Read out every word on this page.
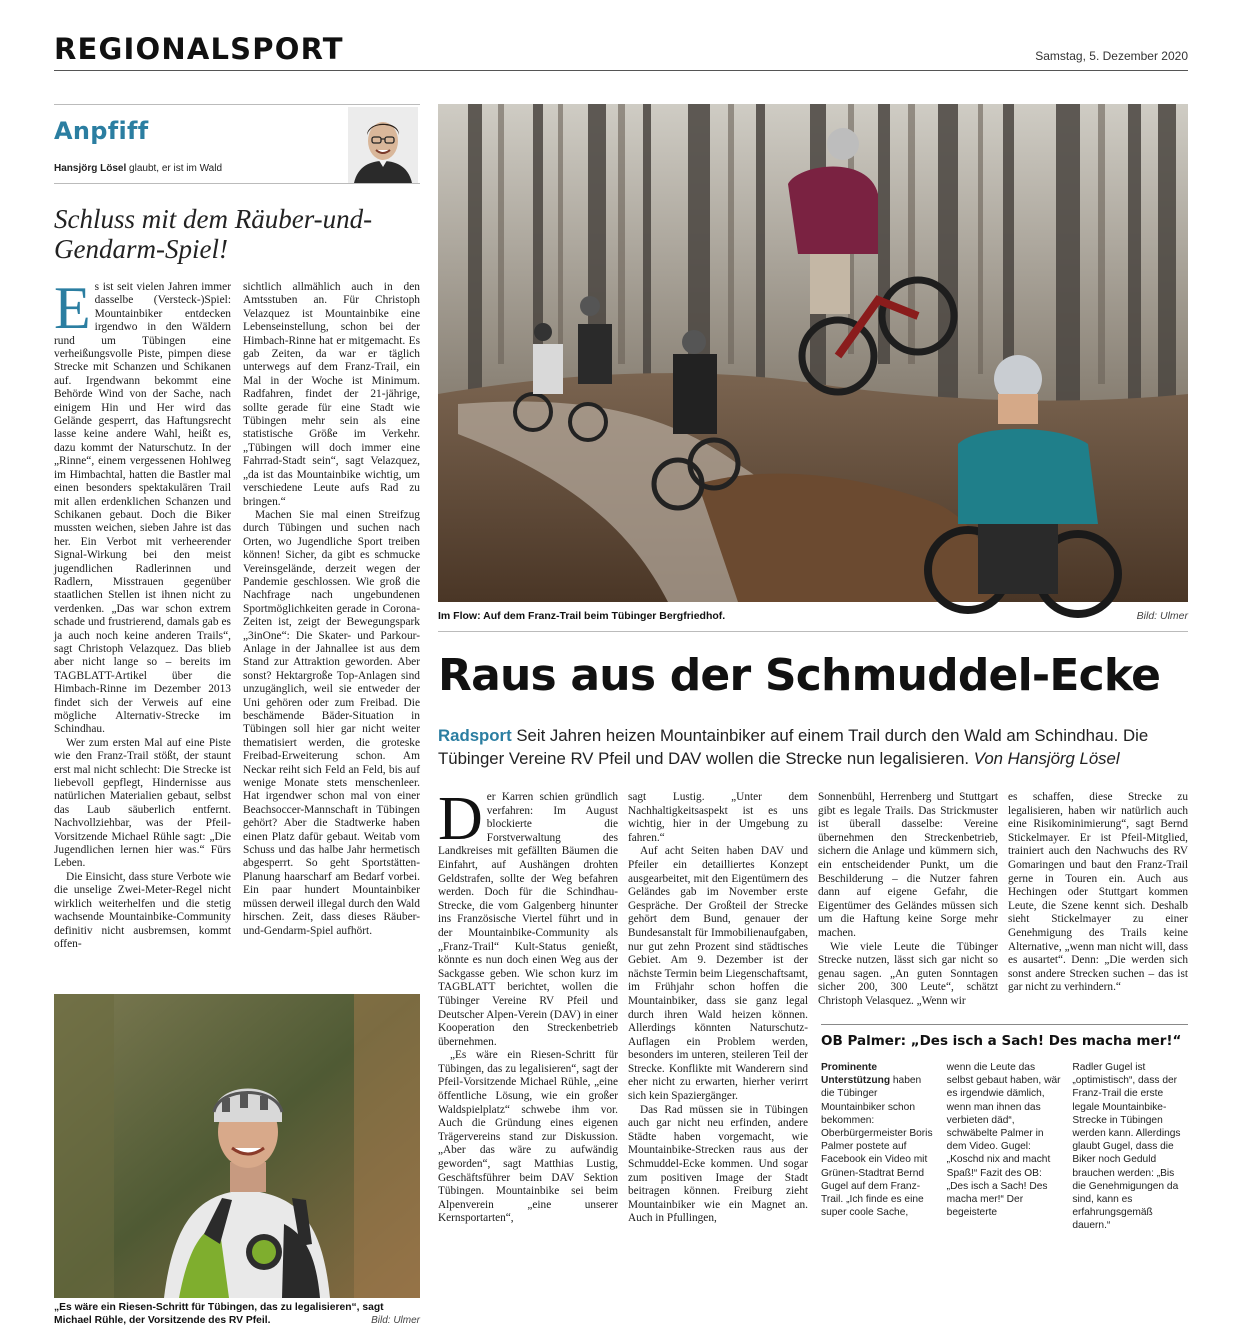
REGIONALSPORT	Samstag, 5. Dezember 2020
Anpfiff
Hansjörg Lösel glaubt, er ist im Wald
Schluss mit dem Räuber-und-Gendarm-Spiel!

Es ist seit vielen Jahren immer dasselbe (Versteck-)Spiel: Mountainbiker entdecken irgendwo in den Wäldern rund um Tübingen eine verheißungsvolle Piste, pimpen diese Strecke mit Schanzen und Schikanen auf. Irgendwann bekommt eine Behörde Wind von der Sache, nach einigem Hin und Her wird das Gelände gesperrt, das Haftungsrecht lasse keine andere Wahl, heißt es, dazu kommt der Naturschutz. In der „Rinne“, einem vergessenen Hohlweg im Himbachtal, hatten die Bastler mal einen besonders spektakulären Trail mit allen erdenklichen Schanzen und Schikanen gebaut. Doch die Biker mussten weichen, sieben Jahre ist das her. Ein Verbot mit verheerender Signal-Wirkung bei den meist jugendlichen Radlerinnen und Radlern, Misstrauen gegenüber staatlichen Stellen ist ihnen nicht zu verdenken. „Das war schon extrem schade und frustrierend, damals gab es ja auch noch keine anderen Trails“, sagt Christoph Velazquez. Das blieb aber nicht lange so – bereits im TAGBLATT-Artikel über die Himbach-Rinne im Dezember 2013 findet sich der Verweis auf eine mögliche Alternativ-Strecke im Schindhau.

Wer zum ersten Mal auf eine Piste wie den Franz-Trail stößt, der staunt erst mal nicht schlecht: Die Strecke ist liebevoll gepflegt, Hindernisse aus natürlichen Materialien gebaut, selbst das Laub säuberlich entfernt. Nachvollziehbar, was der Pfeil-Vorsitzende Michael Rühle sagt: „Die Jugendlichen lernen hier was.“ Fürs Leben.

Die Einsicht, dass sture Verbote wie die unselige Zwei-Meter-Regel nicht wirklich weiterhelfen und die stetig wachsende Mountainbike-Community definitiv nicht ausbremsen, kommt offen-

sichtlich allmählich auch in den Amtsstuben an. Für Christoph Velazquez ist Mountainbike eine Lebenseinstellung, schon bei der Himbach-Rinne hat er mitgemacht. Es gab Zeiten, da war er täglich unterwegs auf dem Franz-Trail, ein Mal in der Woche ist Minimum. Radfahren, findet der 21-jährige, sollte gerade für eine Stadt wie Tübingen mehr sein als eine statistische Größe im Verkehr. „Tübingen will doch immer eine Fahrrad-Stadt sein“, sagt Velazquez, „da ist das Mountainbike wichtig, um verschiedene Leute aufs Rad zu bringen.“

Machen Sie mal einen Streifzug durch Tübingen und suchen nach Orten, wo Jugendliche Sport treiben können! Sicher, da gibt es schmucke Vereinsgelände, derzeit wegen der Pandemie geschlossen. Wie groß die Nachfrage nach ungebundenen Sportmöglichkeiten gerade in Corona-Zeiten ist, zeigt der Bewegungspark „3inOne“: Die Skater- und Parkour-Anlage in der Jahnallee ist aus dem Stand zur Attraktion geworden. Aber sonst? Hektargroße Top-Anlagen sind unzugänglich, weil sie entweder der Uni gehören oder zum Freibad. Die beschämende Bäder-Situation in Tübingen soll hier gar nicht weiter thematisiert werden, die groteske Freibad-Erweiterung schon. Am Neckar reiht sich Feld an Feld, bis auf wenige Monate stets menschenleer. Hat irgendwer schon mal von einer Beachsoccer-Mannschaft in Tübingen gehört? Aber die Stadtwerke haben einen Platz dafür gebaut. Weitab vom Schuss und das halbe Jahr hermetisch abgesperrt. So geht Sportstätten-Planung haarscharf am Bedarf vorbei. Ein paar hundert Mountainbiker müssen derweil illegal durch den Wald hirschen. Zeit, dass dieses Räuber-und-Gendarm-Spiel aufhört.

„Es wäre ein Riesen-Schritt für Tübingen, das zu legalisieren“, sagt Michael Rühle, der Vorsitzende des RV Pfeil.	Bild: Ulmer
Im Flow: Auf dem Franz-Trail beim Tübinger Bergfriedhof.	Bild: Ulmer
Raus aus der Schmuddel-Ecke
Radsport Seit Jahren heizen Mountainbiker auf einem Trail durch den Wald am Schindhau. Die Tübinger Vereine RV Pfeil und DAV wollen die Strecke nun legalisieren. Von Hansjörg Lösel

Der Karren schien gründlich verfahren: Im August blockierte die Forstverwaltung des Landkreises mit gefällten Bäumen die Einfahrt, auf Aushängen drohten Geldstrafen, sollte der Weg befahren werden. Doch für die Schindhau-Strecke, die vom Galgenberg hinunter ins Französische Viertel führt und in der Mountainbike-Community als „Franz-Trail“ Kult-Status genießt, könnte es nun doch einen Weg aus der Sackgasse geben. Wie schon kurz im TAGBLATT berichtet, wollen die Tübinger Vereine RV Pfeil und Deutscher Alpen-Verein (DAV) in einer Kooperation den Streckenbetrieb übernehmen.

„Es wäre ein Riesen-Schritt für Tübingen, das zu legalisieren“, sagt der Pfeil-Vorsitzende Michael Rühle, „eine öffentliche Lösung, wie ein großer Waldspielplatz“ schwebe ihm vor. Auch die Gründung eines eigenen Trägervereins stand zur Diskussion. „Aber das wäre zu aufwändig geworden“, sagt Matthias Lustig, Geschäftsführer beim DAV Sektion Tübingen. Mountainbike sei beim Alpenverein „eine unserer Kernsportarten“,

sagt Lustig. „Unter dem Nachhaltigkeitsaspekt ist es uns wichtig, hier in der Umgebung zu fahren.“

Auf acht Seiten haben DAV und Pfeiler ein detailliertes Konzept ausgearbeitet, mit den Eigentümern des Geländes gab im November erste Gespräche. Der Großteil der Strecke gehört dem Bund, genauer der Bundesanstalt für Immobilienaufgaben, nur gut zehn Prozent sind städtisches Gebiet. Am 9. Dezember ist der nächste Termin beim Liegenschaftsamt, im Frühjahr schon hoffen die Mountainbiker, dass sie ganz legal durch ihren Wald heizen können. Allerdings könnten Naturschutz-Auflagen ein Problem werden, besonders im unteren, steileren Teil der Strecke. Konflikte mit Wanderern sind eher nicht zu erwarten, hierher verirrt sich kein Spaziergänger.

Das Rad müssen sie in Tübingen auch gar nicht neu erfinden, andere Städte haben vorgemacht, wie Mountainbike-Strecken raus aus der Schmuddel-Ecke kommen. Und sogar zum positiven Image der Stadt beitragen können. Freiburg zieht Mountainbiker wie ein Magnet an. Auch in Pfullingen,

Sonnenbühl, Herrenberg und Stuttgart gibt es legale Trails. Das Strickmuster ist überall dasselbe: Vereine übernehmen den Streckenbetrieb, sichern die Anlage und kümmern sich, ein entscheidender Punkt, um die Beschilderung – die Nutzer fahren dann auf eigene Gefahr, die Eigentümer des Geländes müssen sich um die Haftung keine Sorge mehr machen.

Wie viele Leute die Tübinger Strecke nutzen, lässt sich gar nicht so genau sagen. „An guten Sonntagen sicher 200, 300 Leute“, schätzt Christoph Velasquez. „Wenn wir

es schaffen, diese Strecke zu legalisieren, haben wir natürlich auch eine Risikominimierung“, sagt Bernd Stickelmayer. Er ist Pfeil-Mitglied, trainiert auch den Nachwuchs des RV Gomaringen und baut den Franz-Trail gerne in Touren ein. Auch aus Hechingen oder Stuttgart kommen Leute, die Szene kennt sich. Deshalb sieht Stickelmayer zu einer Genehmigung des Trails keine Alternative, „wenn man nicht will, dass es ausartet“. Denn: „Die werden sich sonst andere Strecken suchen – das ist gar nicht zu verhindern.“

OB Palmer: „Des isch a Sach! Des macha mer!“
Prominente Unterstützung haben die Tübinger Mountainbiker schon bekommen: Oberbürgermeister Boris Palmer postete auf Facebook ein Video mit Grünen-Stadtrat Bernd Gugel auf dem Franz-Trail. „Ich finde es eine super coole Sache,
wenn die Leute das selbst gebaut haben, wär es irgendwie dämlich, wenn man ihnen das verbieten däd“, schwäbelte Palmer in dem Video. Gugel: „Koschd nix and macht Spaß!“ Fazit des OB: „Des isch a Sach! Des macha mer!“ Der begeisterte
Radler Gugel ist „optimistisch“, dass der Franz-Trail die erste legale Mountainbike-Strecke in Tübingen werden kann. Allerdings glaubt Gugel, dass die Biker noch Geduld brauchen werden: „Bis die Genehmigungen da sind, kann es erfahrungsgemäß dauern.“
